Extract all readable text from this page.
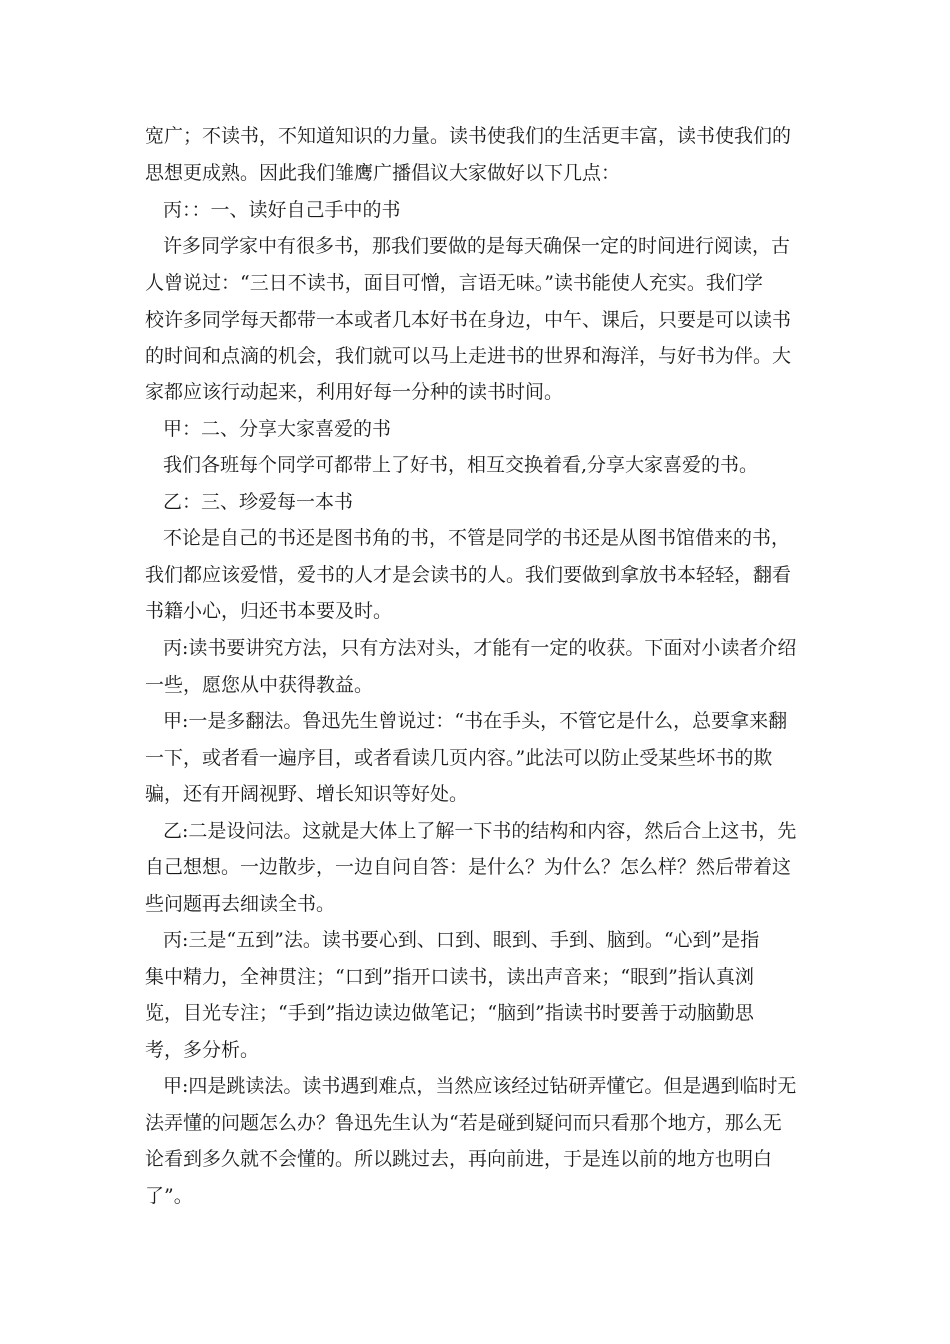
宽广；不读书，不知道知识的力量。读书使我们的生活更丰富，读书使我们的
思想更成熟。因此我们雏鹰广播倡议大家做好以下几点：
丙：：一、读好自己手中的书
许多同学家中有很多书，那我们要做的是每天确保一定的时间进行阅读，古
人曾说过：“三日不读书，面目可憎，言语无味。”读书能使人充实。我们学
校许多同学每天都带一本或者几本好书在身边，中午、课后，只要是可以读书
的时间和点滴的机会，我们就可以马上走进书的世界和海洋，与好书为伴。大
家都应该行动起来，利用好每一分种的读书时间。
甲：二、分享大家喜爱的书
我们各班每个同学可都带上了好书，相互交换着看,分享大家喜爱的书。
乙：三、珍爱每一本书
不论是自己的书还是图书角的书，不管是同学的书还是从图书馆借来的书，
我们都应该爱惜，爱书的人才是会读书的人。我们要做到拿放书本轻轻，翻看
书籍小心，归还书本要及时。
丙:读书要讲究方法，只有方法对头，才能有一定的收获。下面对小读者介绍
一些，愿您从中获得教益。
甲:一是多翻法。鲁迅先生曾说过：“书在手头，不管它是什么，总要拿来翻
一下，或者看一遍序目，或者看读几页内容。”此法可以防止受某些坏书的欺
骗，还有开阔视野、增长知识等好处。
乙:二是设问法。这就是大体上了解一下书的结构和内容，然后合上这书，先
自己想想。一边散步，一边自问自答：是什么？为什么？怎么样？然后带着这
些问题再去细读全书。
丙:三是“五到”法。读书要心到、口到、眼到、手到、脑到。“心到”是指
集中精力，全神贯注；“口到”指开口读书，读出声音来；“眼到”指认真浏
览，目光专注；“手到”指边读边做笔记；“脑到”指读书时要善于动脑勤思
考，多分析。
甲:四是跳读法。读书遇到难点，当然应该经过钻研弄懂它。但是遇到临时无
法弄懂的问题怎么办？鲁迅先生认为“若是碰到疑问而只看那个地方，那么无
论看到多久就不会懂的。所以跳过去，再向前进，于是连以前的地方也明白
了”。
